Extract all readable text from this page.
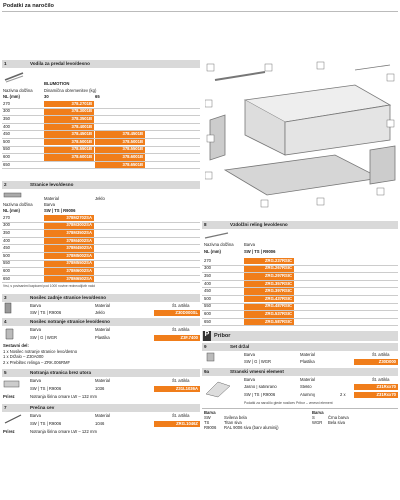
Podatki za naročilo
1	Vodila za predal levo/desno
BLUMOTION
Nazivna dolžina	Dinamična obremenitev (kg)
NL (mm)	30	65
270	378.2701B
300	378.3001B
350	378.3501B
400	378.4001B
450	378.4501B	378.4501B
500	378.5001B	378.5001B
550	378.5501B	378.5501B
600	378.6001B	378.6001B
650	378.6501B
2	Stranice levo/desno
Material	Jeklo
Nazivna dolžina	Barva
NL (mm)	SW | TS | R9006
270	378M2702SA
300	378M3002SA
350	378M3502SA
400	378M4002SA
450	378M4502SA
500	378M5002SA
550	378M5502SA
600	378M6002SA
650	378M6502SA
Vrsi, s povisanimi kapicami pod 1000 novine redneodijivih naloi
3	Nosilec zadnje stranice levo/desno
Barva	Material	Št. artikla
SW | TS | R9006	Jeklo	Z30D000SL
4	Nosilec notranje stranice levo/desno
Barva	Material	Št. artikla
SW | G | WGR	Plastika	Z3F.7400
Sestavni del:
1 x Nosilec notranje stranice levo/desno
1 x Držalo – Z30A000
2 x Prebiltec relinga – ZRK.006RMF
5	Notranja stranica brez utora
Barva	Material	Št. artikla
SW | TS | R9006	1036	Z31L1036A
Prirez	Notranja širina omare LW – 132 mm
7	Prečna cev
Barva	Material	Št. artikla
SW | TS | R9006	1046	ZRG.1046Z
Prirez	Notranja širina omare LW – 122 mm
8	Vzdolžni reling levo/desno
Nazivna dolžina Barva
NL (mm)	SW | TS | R9006
270	ZRG.237RSIC
300	ZRG.267RSIC
350	ZRG.297RSIC
400	ZRG.357RSIC
450	ZRG.397RSIC
500	ZRG.437RSIC
550	ZRG.487RSIC
600	ZRG.537RSIC
650	ZRG.587RSIC
P Pribor
9	Set držal
Barva	Material	Št. artikla
SW | G | WGR	Plastika	Z30D000
9a	Stranski vmesni element
Barva	Material	Št. artikla
Jasno | satinirano	Steklo	Z31Rxx70
SW | TS | R9006	Aluminij	2 x	Z31Rxx70
Podatki za naročilo glede nosilcev Pribor – vmesni element
Barva	Barva
SW	Svilena bela
TS	Titan siva
R9006	RAL 9006 siva (barv aluminij)
S	Črna barva
WGR	Bela siva
